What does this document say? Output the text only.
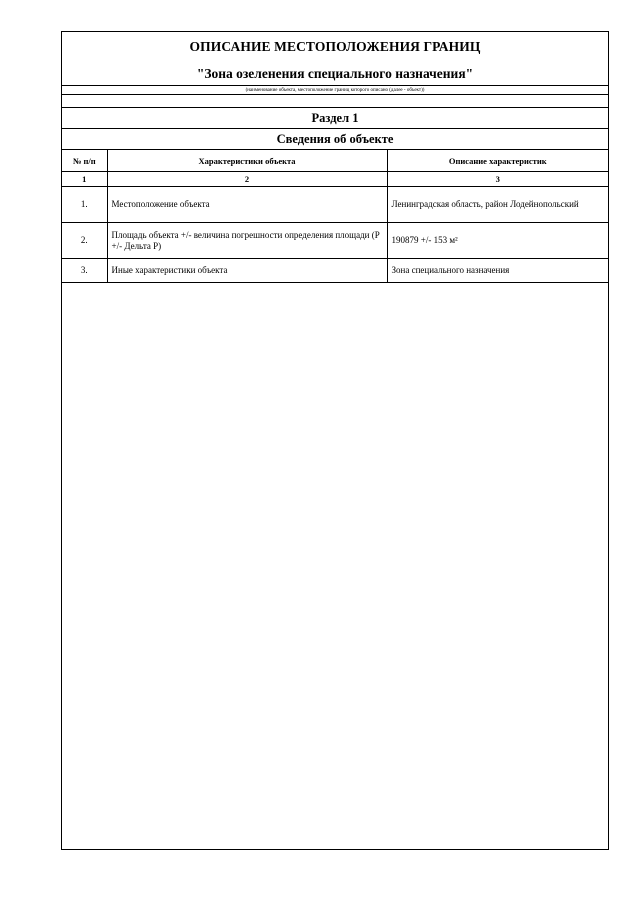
ОПИСАНИЕ МЕСТОПОЛОЖЕНИЯ ГРАНИЦ
"Зона озеленения специального назначения"
(наименование объекта, местоположение границ которого описано (далее - объект))
Раздел 1
Сведения об объекте
№ п/п	Характеристики объекта	Описание характеристик
1	2	3
1.	Местоположение объекта	Ленинградская область, район Лодейнопольский
2.	Площадь объекта +/- величина погрешности определения площади (Р +/- Дельта Р)	190879 +/- 153 м²
3.	Иные характеристики объекта	Зона специального назначения
